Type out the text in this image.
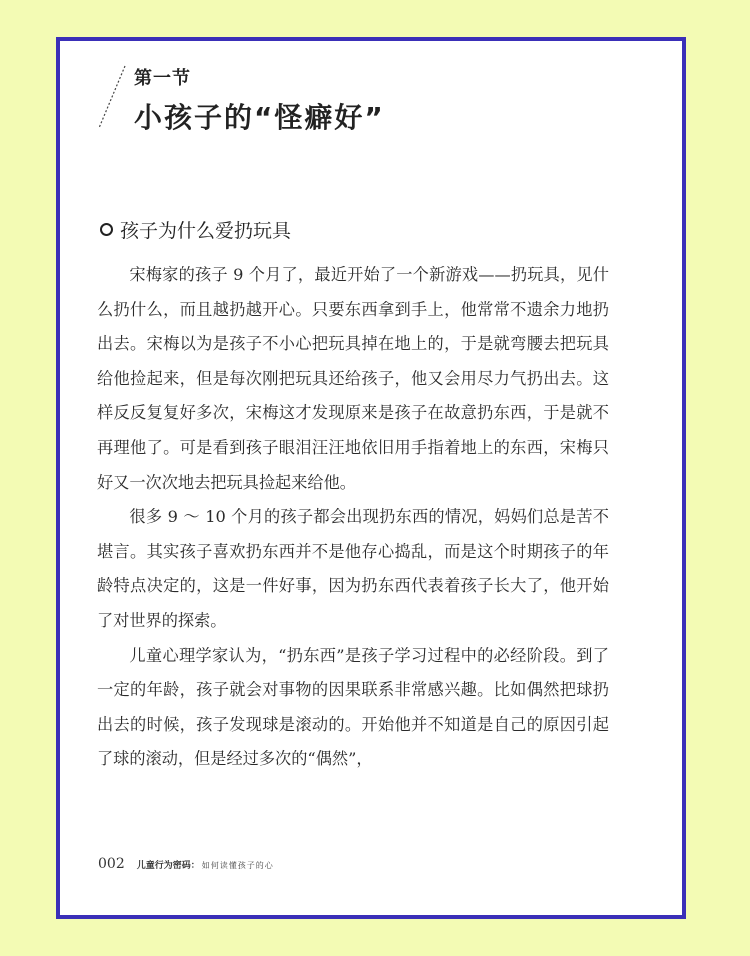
第一节
小孩子的“怪癖好”
孩子为什么爱扔玩具

宋梅家的孩子 9 个月了，最近开始了一个新游戏——扔玩具，见什么扔什么，而且越扔越开心。只要东西拿到手上，他常常不遗余力地扔出去。宋梅以为是孩子不小心把玩具掉在地上的，于是就弯腰去把玩具给他捡起来，但是每次刚把玩具还给孩子，他又会用尽力气扔出去。这样反反复复好多次，宋梅这才发现原来是孩子在故意扔东西，于是就不再理他了。可是看到孩子眼泪汪汪地依旧用手指着地上的东西，宋梅只好又一次次地去把玩具捡起来给他。

很多 9 ～ 10 个月的孩子都会出现扔东西的情况，妈妈们总是苦不堪言。其实孩子喜欢扔东西并不是他存心捣乱，而是这个时期孩子的年龄特点决定的，这是一件好事，因为扔东西代表着孩子长大了，他开始了对世界的探索。

儿童心理学家认为，“扔东西”是孩子学习过程中的必经阶段。到了一定的年龄，孩子就会对事物的因果联系非常感兴趣。比如偶然把球扔出去的时候，孩子发现球是滚动的。开始他并不知道是自己的原因引起了球的滚动，但是经过多次的“偶然”，

002 儿童行为密码： 如何读懂孩子的心
